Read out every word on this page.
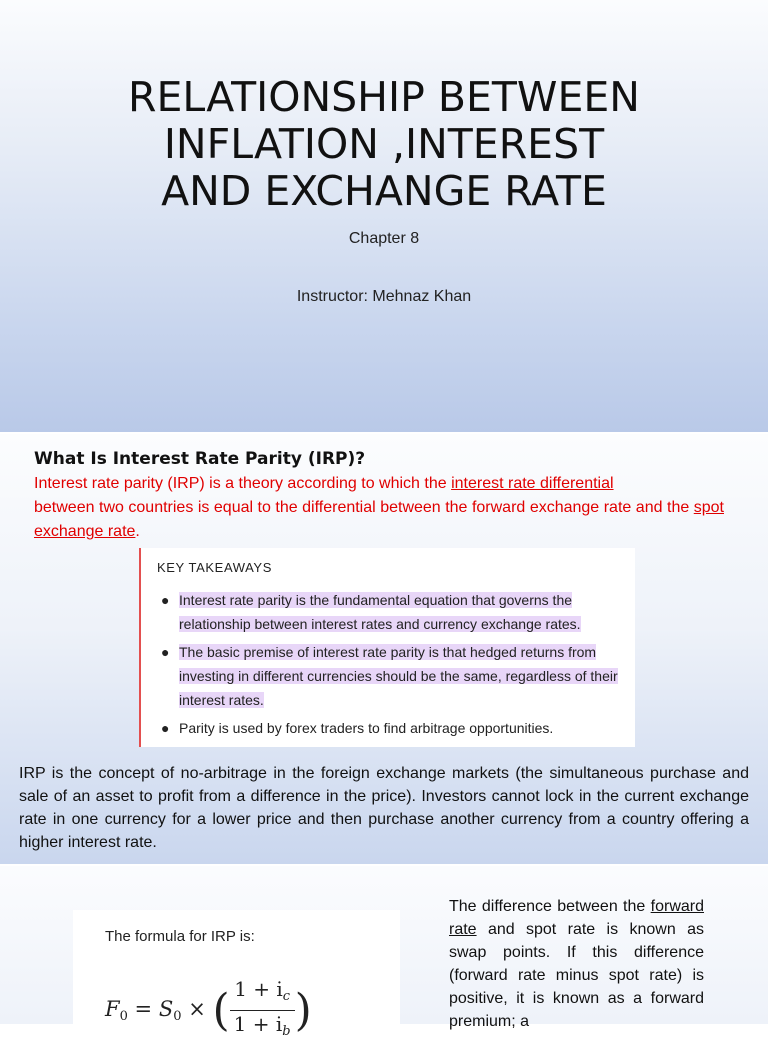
RELATIONSHIP BETWEEN
INFLATION ,INTEREST
AND EXCHANGE RATE
Chapter 8
Instructor: Mehnaz Khan
What Is Interest Rate Parity (IRP)?

Interest rate parity (IRP) is a theory according to which the interest rate differential
between two countries is equal to the differential between the forward exchange rate and the spot exchange rate.

KEY TAKEAWAYS
● Interest rate parity is the fundamental equation that governs the relationship between interest rates and currency exchange rates.
● The basic premise of interest rate parity is that hedged returns from investing in different currencies should be the same, regardless of their interest rates.
● Parity is used by forex traders to find arbitrage opportunities.

IRP is the concept of no-arbitrage in the foreign exchange markets (the simultaneous purchase and sale of an asset to profit from a difference in the price). Investors cannot lock in the current exchange rate in one currency for a lower price and then purchase another currency from a country offering a higher interest rate.

The formula for IRP is:
$F_0 = S_0$ × ( $\frac{1 + i_c}{1 + i_b}$ )

The difference between the forward rate and spot rate is known as swap points. If this difference (forward rate minus spot rate) is positive, it is known as a forward premium; a
